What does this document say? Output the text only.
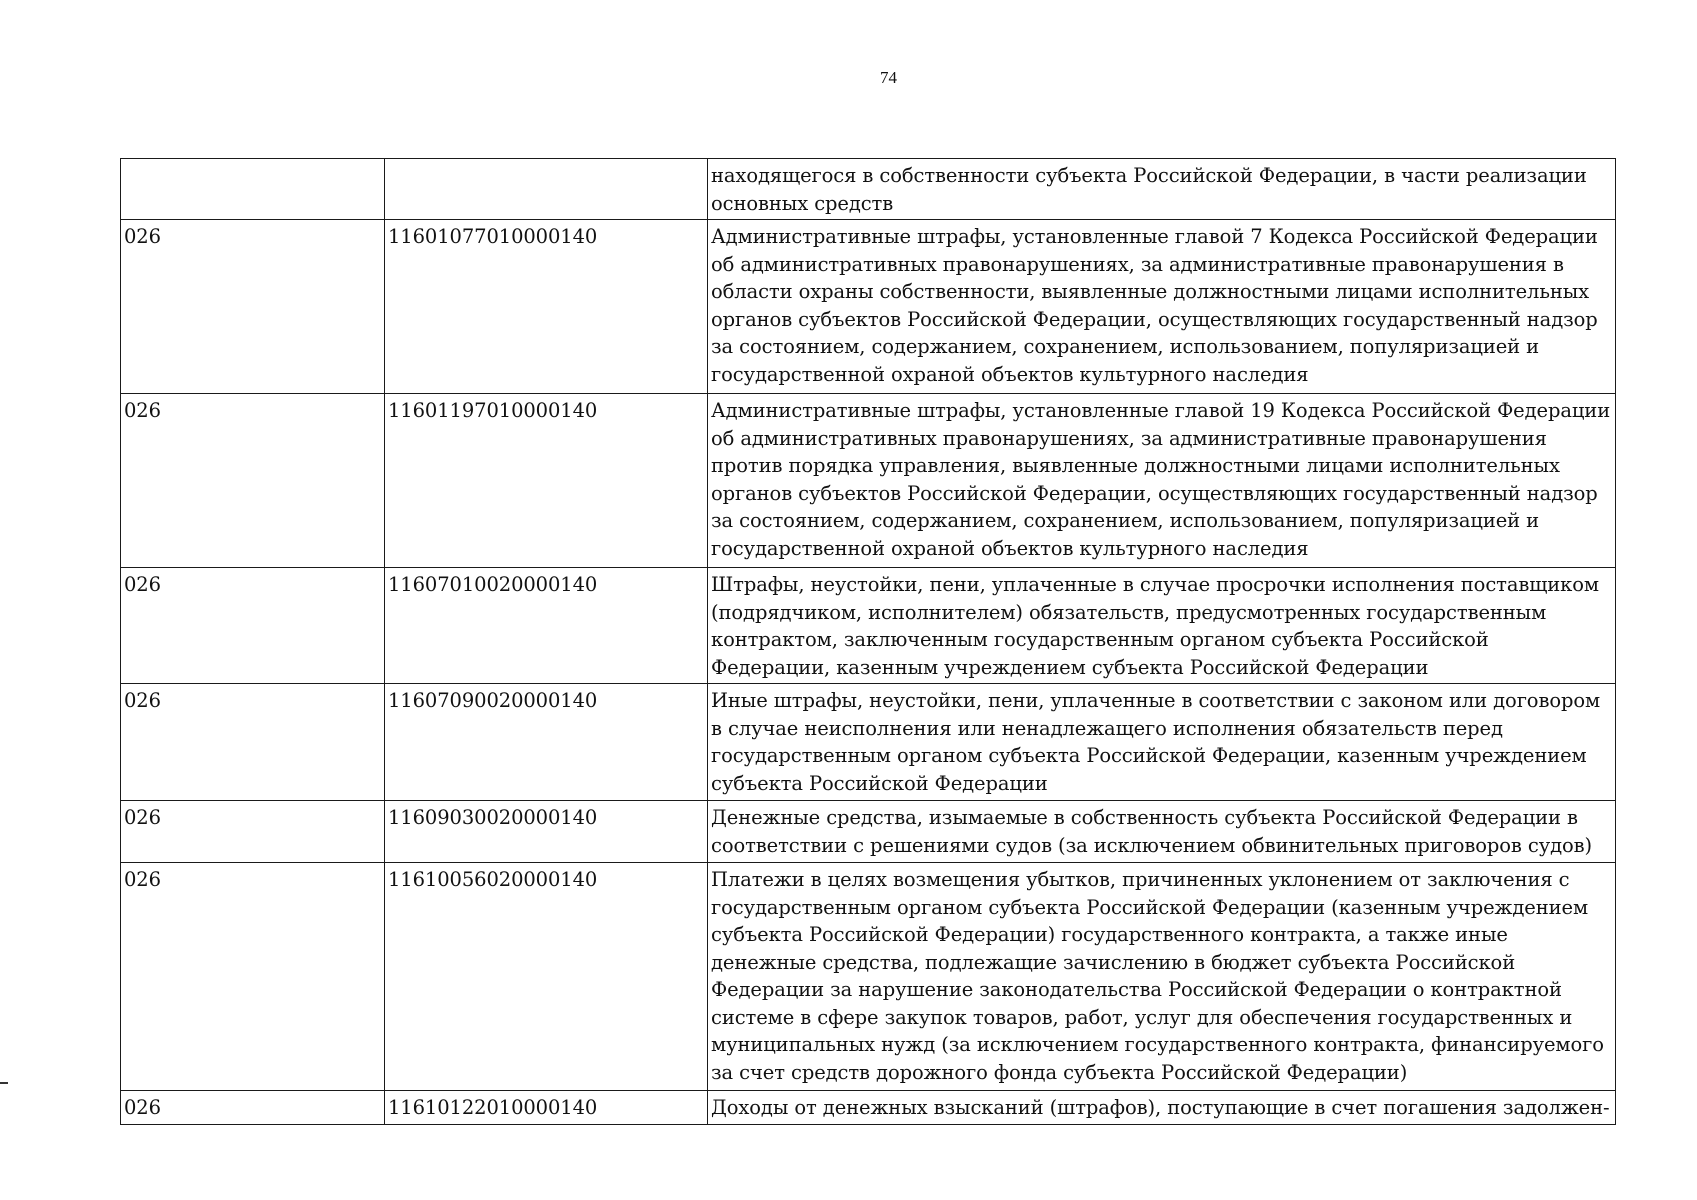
74
		находящегося в собственности субъекта Российской Федерации, в части реализации основных средств
026	11601077010000140	Административные штрафы, установленные главой 7 Кодекса Российской Федерации об административных правонарушениях, за административные правонарушения в области охраны собственности, выявленные должностными лицами исполнительных органов субъектов Российской Федерации, осуществляющих государственный надзор за состоянием, содержанием, сохранением, использованием, популяризацией и государственной охраной объектов культурного наследия
026	11601197010000140	Административные штрафы, установленные главой 19 Кодекса Российской Федерации об административных правонарушениях, за административные правонарушения против порядка управления, выявленные должностными лицами исполнительных органов субъектов Российской Федерации, осуществляющих государственный надзор за состоянием, содержанием, сохранением, использованием, популяризацией и государственной охраной объектов культурного наследия
026	11607010020000140	Штрафы, неустойки, пени, уплаченные в случае просрочки исполнения поставщиком (подрядчиком, исполнителем) обязательств, предусмотренных государственным контрактом, заключенным государственным органом субъекта Российской Федерации, казенным учреждением субъекта Российской Федерации
026	11607090020000140	Иные штрафы, неустойки, пени, уплаченные в соответствии с законом или договором в случае неисполнения или ненадлежащего исполнения обязательств перед государственным органом субъекта Российской Федерации, казенным учреждением субъекта Российской Федерации
026	11609030020000140	Денежные средства, изымаемые в собственность субъекта Российской Федерации в соответствии с решениями судов (за исключением обвинительных приговоров судов)
026	11610056020000140	Платежи в целях возмещения убытков, причиненных уклонением от заключения с государственным органом субъекта Российской Федерации (казенным учреждением субъекта Российской Федерации) государственного контракта, а также иные денежные средства, подлежащие зачислению в бюджет субъекта Российской Федерации за нарушение законодательства Российской Федерации о контрактной системе в сфере закупок товаров, работ, услуг для обеспечения государственных и муниципальных нужд (за исключением государственного контракта, финансируемого за счет средств дорожного фонда субъекта Российской Федерации)
026	11610122010000140	Доходы от денежных взысканий (штрафов), поступающие в счет погашения задолжен-
